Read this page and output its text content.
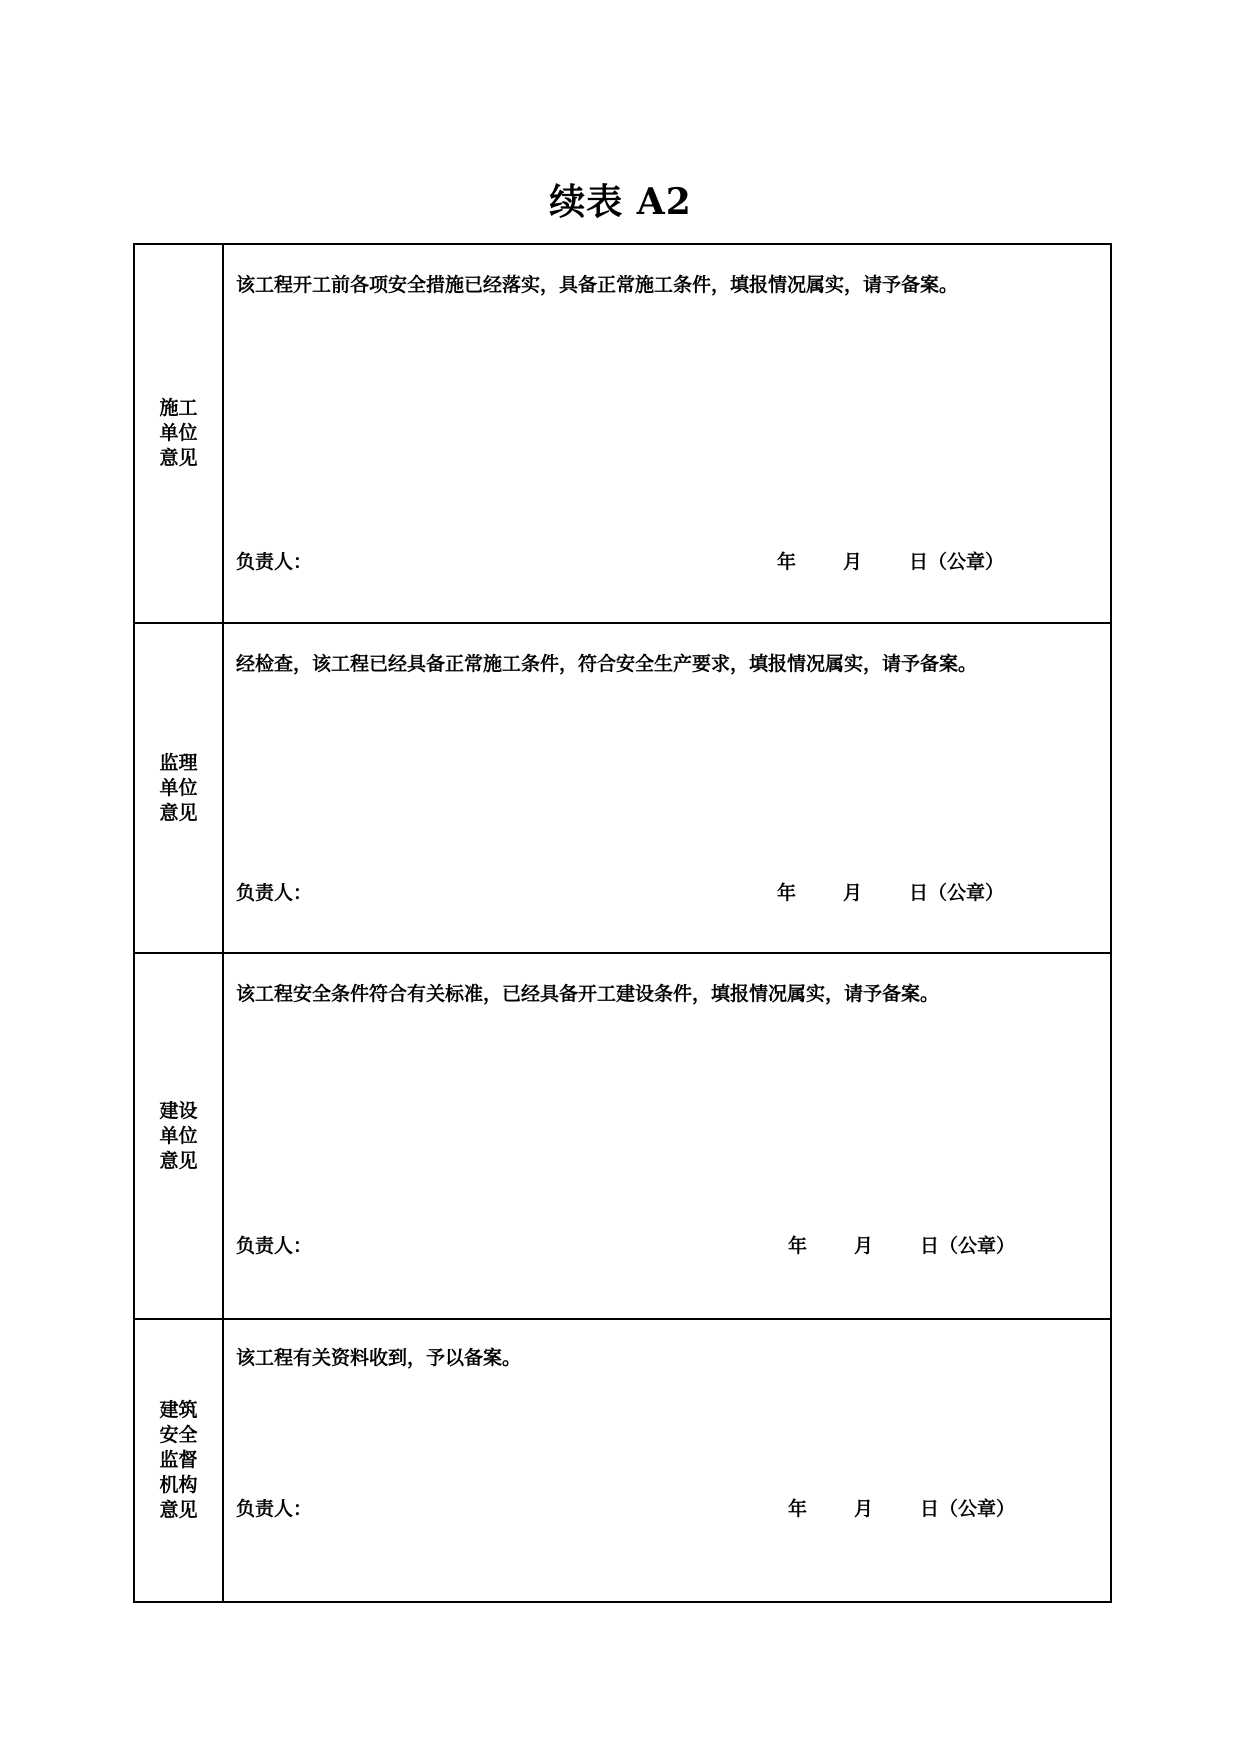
续表 A2
施工单位意见	该工程开工前各项安全措施已经落实，具备正常施工条件，填报情况属实，请予备案。
负责人： 年 月 日（公章）

监理单位意见	经检查，该工程已经具备正常施工条件，符合安全生产要求，填报情况属实，请予备案。
负责人： 年 月 日（公章）

建设单位意见	该工程安全条件符合有关标准，已经具备开工建设条件，填报情况属实，请予备案。
负责人： 年 月 日（公章）

建筑安全监督机构意见	该工程有关资料收到，予以备案。
负责人： 年 月 日（公章）
